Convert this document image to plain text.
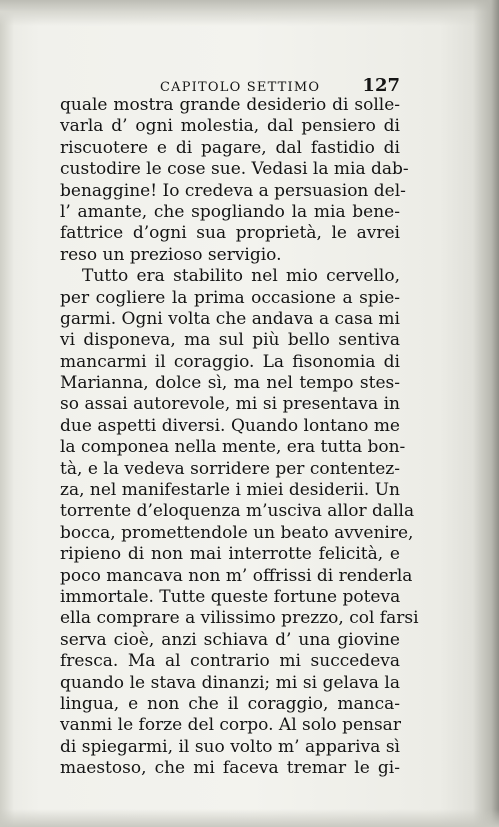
CAPITOLO SETTIMO 127
quale mostra grande desiderio di solle-
varla d’ ogni molestia, dal pensiero di
riscuotere e di pagare, dal fastidio di
custodire le cose sue. Vedasi la mia dab-
benaggine! Io credeva a persuasion del-
l’ amante, che spogliando la mia bene-
fattrice d’ogni sua proprietà, le avrei
reso un prezioso servigio.
Tutto era stabilito nel mio cervello,
per cogliere la prima occasione a spie-
garmi. Ogni volta che andava a casa mi
vi disponeva, ma sul più bello sentiva
mancarmi il coraggio. La fisonomia di
Marianna, dolce sì, ma nel tempo stes-
so assai autorevole, mi si presentava in
due aspetti diversi. Quando lontano me
la componea nella mente, era tutta bon-
tà, e la vedeva sorridere per contentez-
za, nel manifestarle i miei desiderii. Un
torrente d’eloquenza m’usciva allor dalla
bocca, promettendole un beato avvenire,
ripieno di non mai interrotte felicità, e
poco mancava non m’ offrissi di renderla
immortale. Tutte queste fortune poteva
ella comprare a vilissimo prezzo, col farsi
serva cioè, anzi schiava d’ una giovine
fresca. Ma al contrario mi succedeva
quando le stava dinanzi; mi si gelava la
lingua, e non che il coraggio, manca-
vanmi le forze del corpo. Al solo pensar
di spiegarmi, il suo volto m’ appariva sì
maestoso, che mi faceva tremar le gi-
